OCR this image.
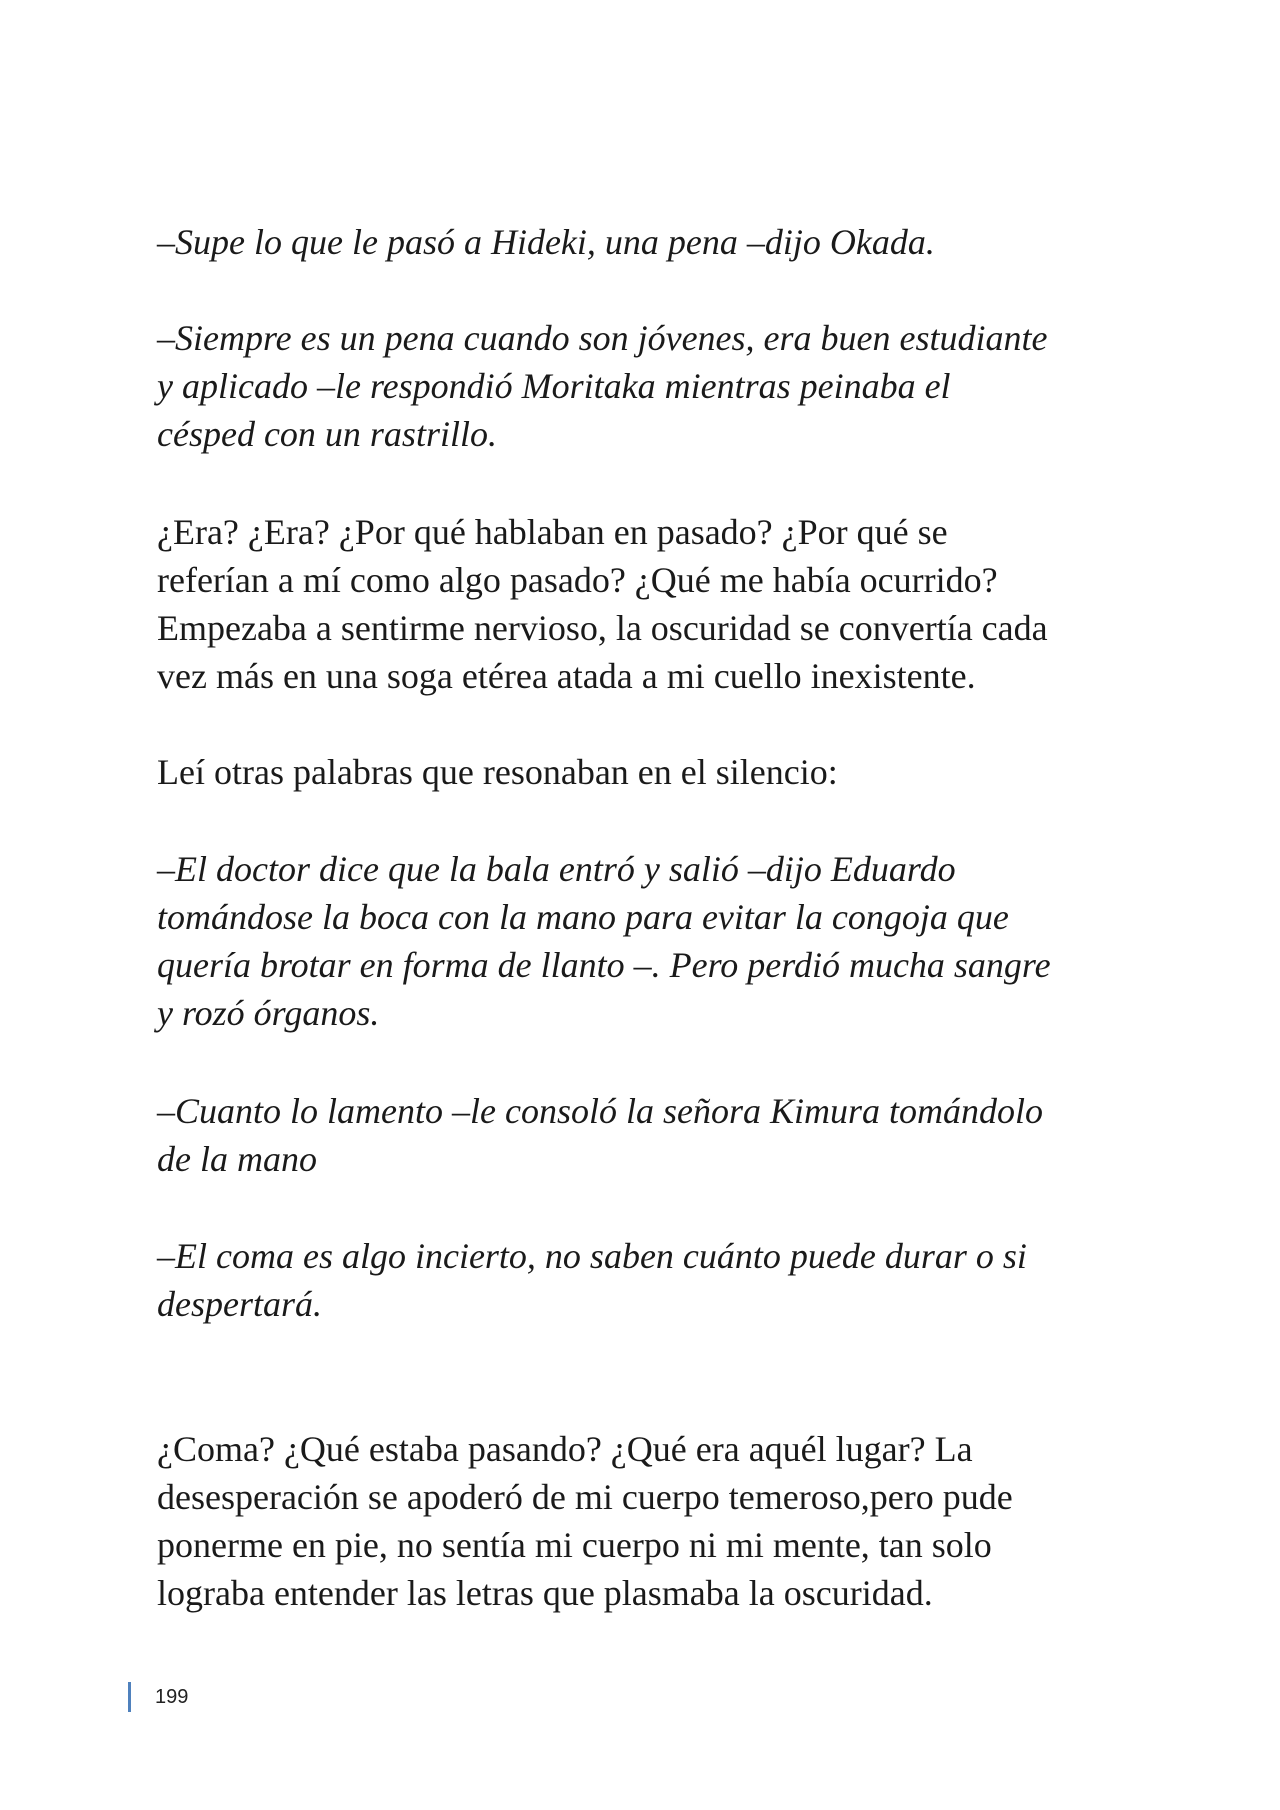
–Supe lo que le pasó a Hideki, una pena –dijo Okada.

–Siempre es un pena cuando son jóvenes, era buen estudiante
y aplicado –le respondió Moritaka mientras peinaba el
césped con un rastrillo.

¿Era? ¿Era? ¿Por qué hablaban en pasado? ¿Por qué se
referían a mí como algo pasado? ¿Qué me había ocurrido?
Empezaba a sentirme nervioso, la oscuridad se convertía cada
vez más en una soga etérea atada a mi cuello inexistente.

Leí otras palabras que resonaban en el silencio:

–El doctor dice que la bala entró y salió –dijo Eduardo
tomándose la boca con la mano para evitar la congoja que
quería brotar en forma de llanto –. Pero perdió mucha sangre
y rozó órganos.

–Cuanto lo lamento –le consoló la señora Kimura tomándolo
de la mano

–El coma es algo incierto, no saben cuánto puede durar o si
despertará.

¿Coma? ¿Qué estaba pasando? ¿Qué era aquél lugar? La
desesperación se apoderó de mi cuerpo temeroso,pero pude
ponerme en pie, no sentía mi cuerpo ni mi mente, tan solo
lograba entender las letras que plasmaba la oscuridad.

199
